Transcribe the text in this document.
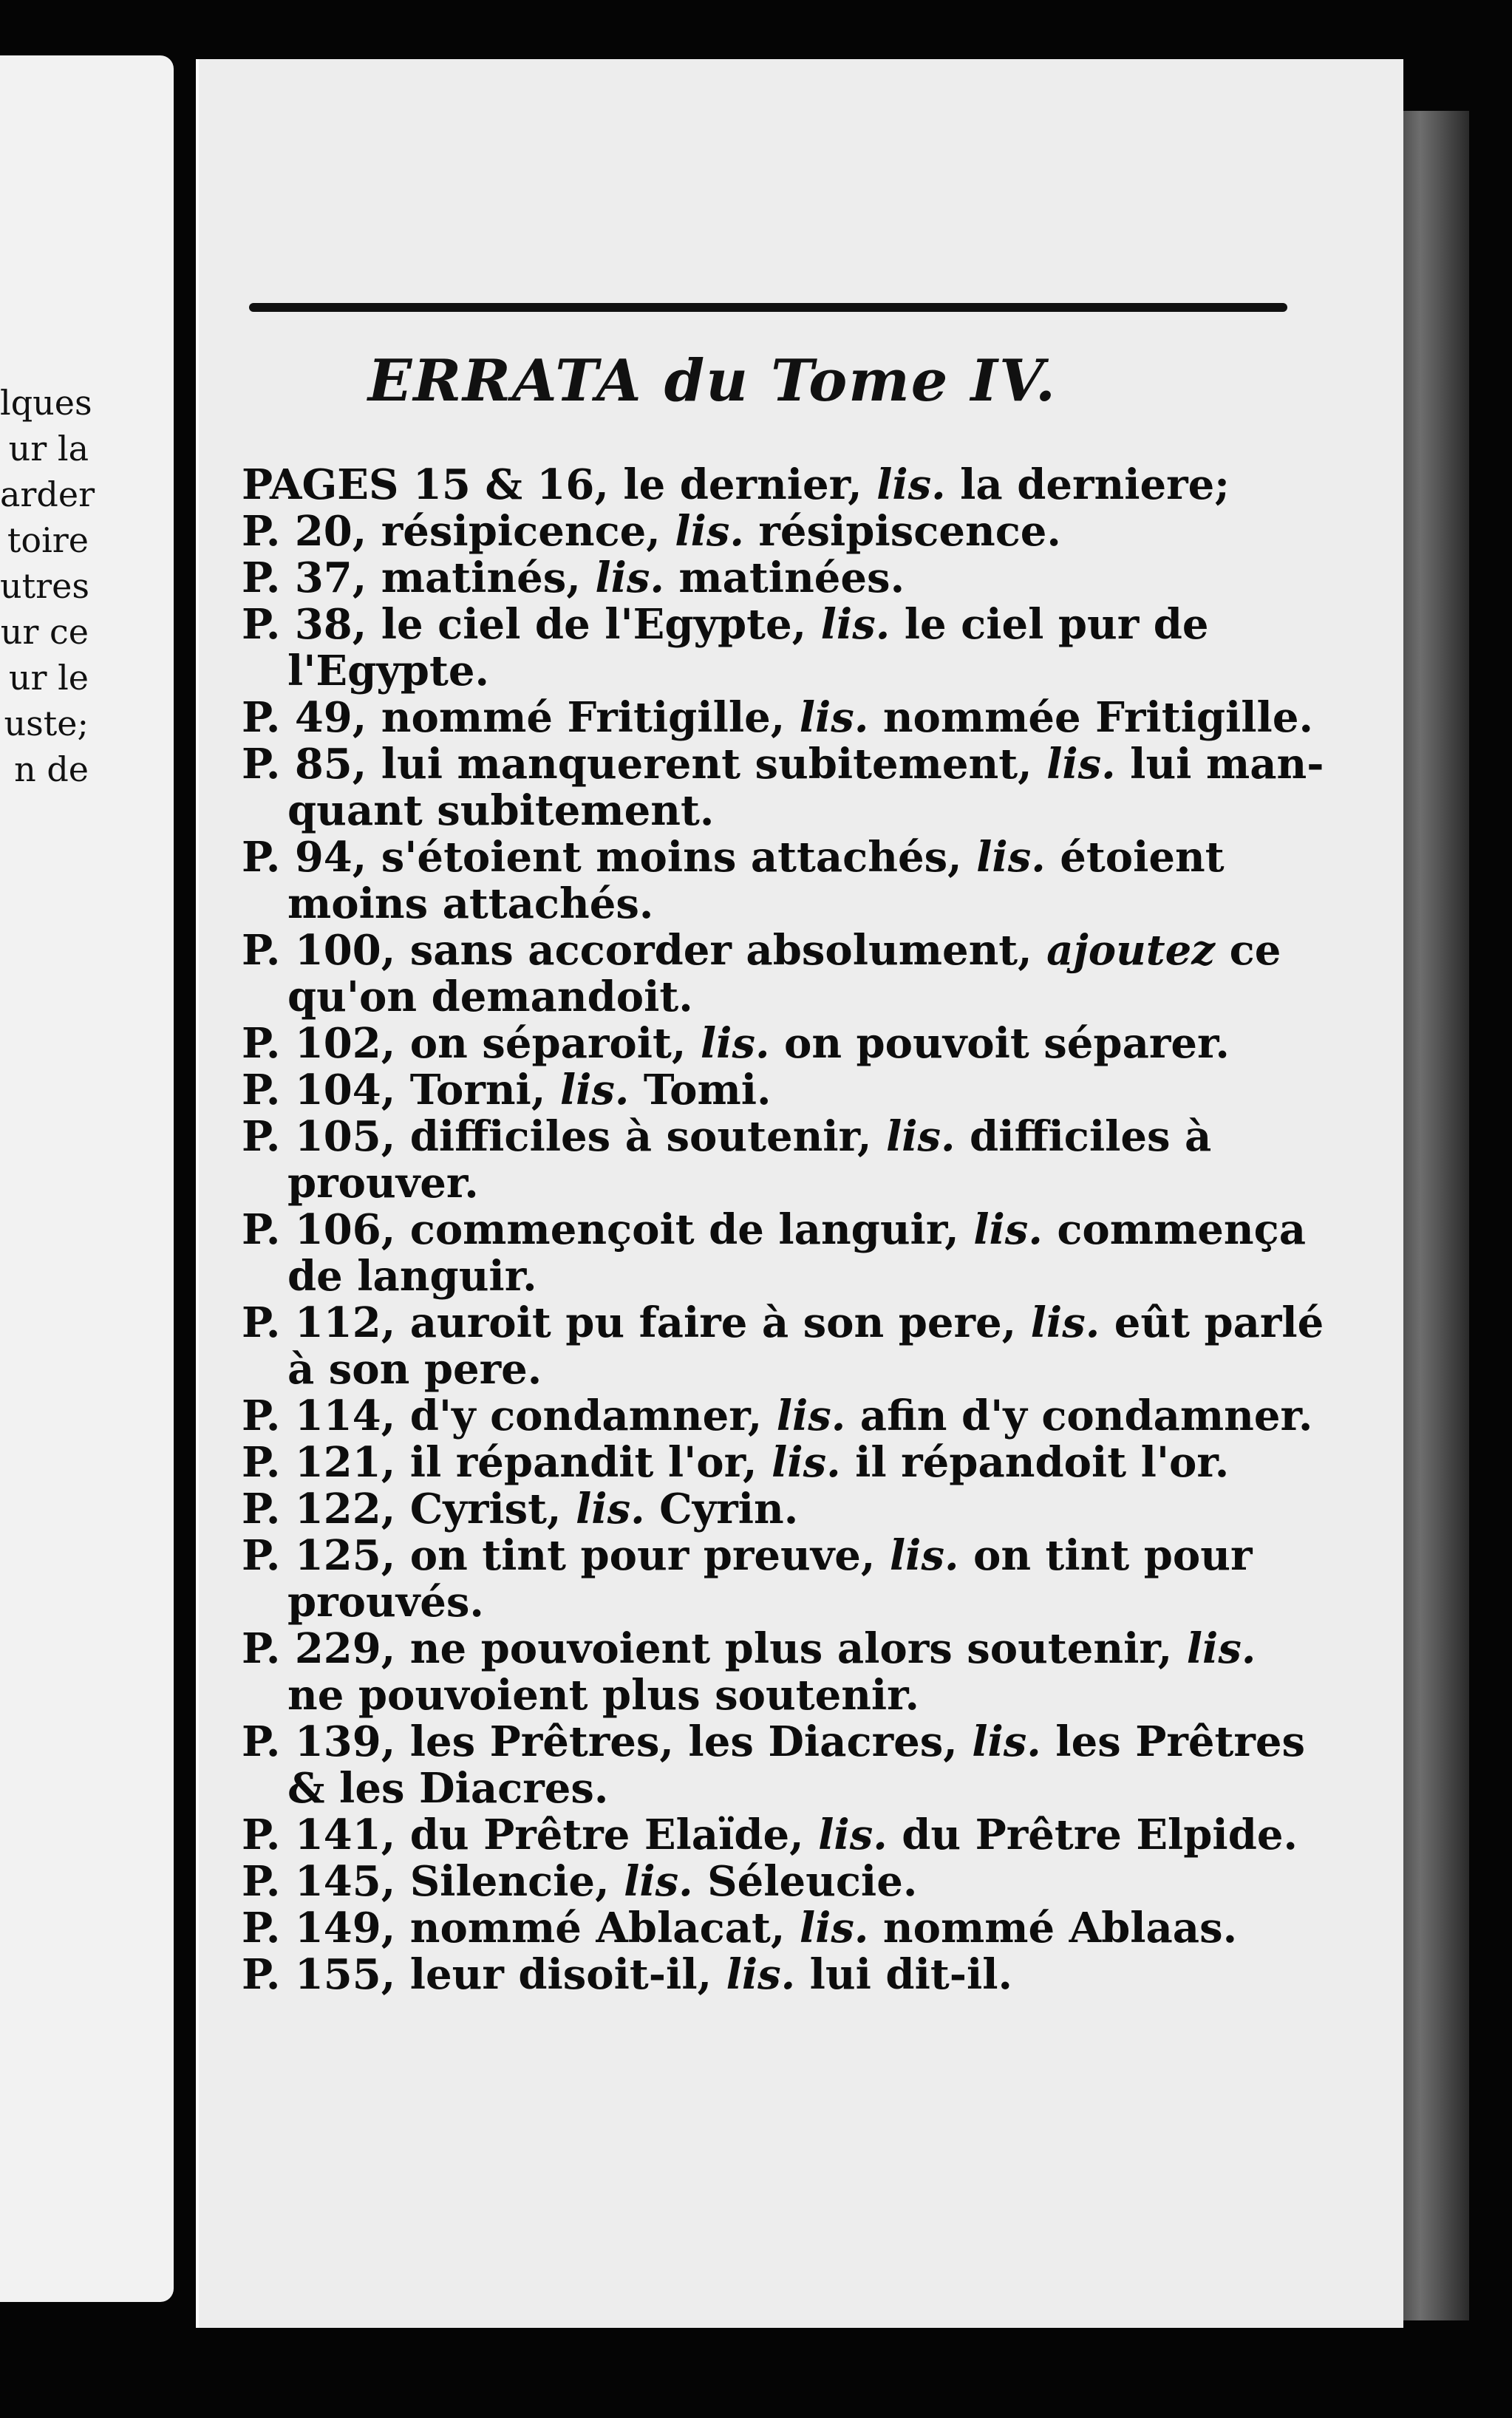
lques
ur la
arder
toire
utres
ur ce
ur le
uste;
n de
ERRATA du Tome IV.
PAGES 15 & 16, le dernier, lis. la derniere;
P. 20, résipicence, lis. résipiscence.
P. 37, matinés, lis. matinées.
P. 38, le ciel de l'Egypte, lis. le ciel pur de
l'Egypte.
P. 49, nommé Fritigille, lis. nommée Fritigille.
P. 85, lui manquerent subitement, lis. lui man-
quant subitement.
P. 94, s'étoient moins attachés, lis. étoient
moins attachés.
P. 100, sans accorder absolument, ajoutez ce
qu'on demandoit.
P. 102, on séparoit, lis. on pouvoit séparer.
P. 104, Torni, lis. Tomi.
P. 105, difficiles à soutenir, lis. difficiles à
prouver.
P. 106, commençoit de languir, lis. commença
de languir.
P. 112, auroit pu faire à son pere, lis. eût parlé
à son pere.
P. 114, d'y condamner, lis. afin d'y condamner.
P. 121, il répandit l'or, lis. il répandoit l'or.
P. 122, Cyrist, lis. Cyrin.
P. 125, on tint pour preuve, lis. on tint pour
prouvés.
P. 229, ne pouvoient plus alors soutenir, lis.
ne pouvoient plus soutenir.
P. 139, les Prêtres, les Diacres, lis. les Prêtres
& les Diacres.
P. 141, du Prêtre Elaïde, lis. du Prêtre Elpide.
P. 145, Silencie, lis. Séleucie.
P. 149, nommé Ablacat, lis. nommé Ablaas.
P. 155, leur disoit-il, lis. lui dit-il.
